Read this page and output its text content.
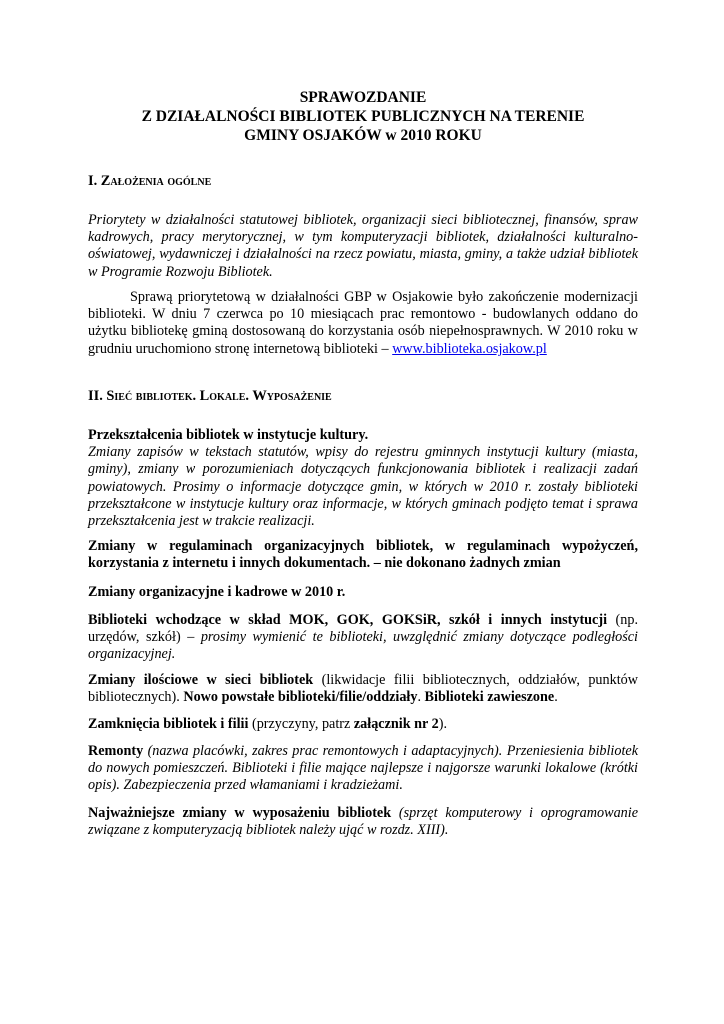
SPRAWOZDANIE
Z DZIAŁALNOŚCI BIBLIOTEK PUBLICZNYCH NA TERENIE
GMINY OSJAKÓW w 2010 ROKU
I. Założenia ogólne

Priorytety w działalności statutowej bibliotek, organizacji sieci bibliotecznej, finansów, spraw kadrowych, pracy merytorycznej, w tym komputeryzacji bibliotek, działalności kulturalno-oświatowej, wydawniczej i działalności na rzecz powiatu, miasta, gminy, a także udział bibliotek w Programie Rozwoju Bibliotek.

Sprawą priorytetową w działalności GBP w Osjakowie było zakończenie modernizacji biblioteki. W dniu 7 czerwca po 10 miesiącach prac remontowo - budowlanych oddano do użytku bibliotekę gminą dostosowaną do korzystania osób niepełnosprawnych. W 2010 roku w grudniu uruchomiono stronę internetową biblioteki – www.biblioteka.osjakow.pl

II. Sieć bibliotek. Lokale. Wyposażenie

Przekształcenia bibliotek w instytucje kultury.
Zmiany zapisów w tekstach statutów, wpisy do rejestru gminnych instytucji kultury (miasta, gminy), zmiany w porozumieniach dotyczących funkcjonowania bibliotek i realizacji zadań powiatowych. Prosimy o informacje dotyczące gmin, w których w 2010 r. zostały biblioteki przekształcone w instytucje kultury oraz informacje, w których gminach podjęto temat i sprawa przekształcenia jest w trakcie realizacji.

Zmiany w regulaminach organizacyjnych bibliotek, w regulaminach wypożyczeń, korzystania z internetu i innych dokumentach. – nie dokonano żadnych zmian

Zmiany organizacyjne i kadrowe w 2010 r.

Biblioteki wchodzące w skład MOK, GOK, GOKSiR, szkół i innych instytucji (np. urzędów, szkół) – prosimy wymienić te biblioteki, uwzględnić zmiany dotyczące podległości organizacyjnej.

Zmiany ilościowe w sieci bibliotek (likwidacje filii bibliotecznych, oddziałów, punktów bibliotecznych). Nowo powstałe biblioteki/filie/oddziały. Biblioteki zawieszone.

Zamknięcia bibliotek i filii (przyczyny, patrz załącznik nr 2).

Remonty (nazwa placówki, zakres prac remontowych i adaptacyjnych). Przeniesienia bibliotek do nowych pomieszczeń. Biblioteki i filie mające najlepsze i najgorsze warunki lokalowe (krótki opis). Zabezpieczenia przed włamaniami i kradzieżami.

Najważniejsze zmiany w wyposażeniu bibliotek (sprzęt komputerowy i oprogramowanie związane z komputeryzacją bibliotek należy ująć w rozdz. XIII).
